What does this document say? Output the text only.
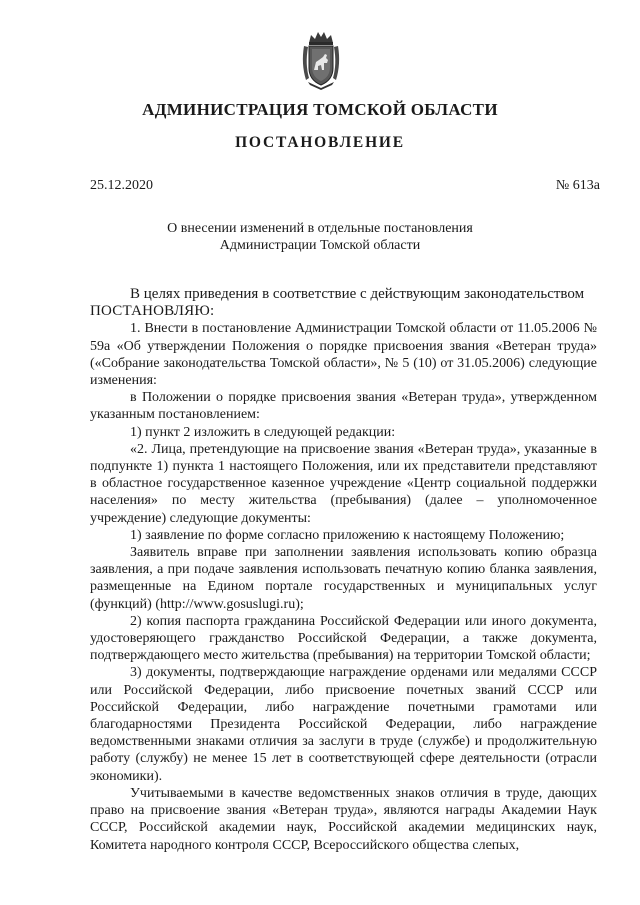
АДМИНИСТРАЦИЯ ТОМСКОЙ ОБЛАСТИ
ПОСТАНОВЛЕНИЕ
25.12.2020	№ 613а
О внесении изменений в отдельные постановления
Администрации Томской области

В целях приведения в соответствие с действующим законодательством

ПОСТАНОВЛЯЮ:

1. Внести в постановление Администрации Томской области от 11.05.2006 № 59а «Об утверждении Положения о порядке присвоения звания «Ветеран труда» («Собрание законодательства Томской области», № 5 (10) от 31.05.2006) следующие изменения:

в Положении о порядке присвоения звания «Ветеран труда», утвержденном указанным постановлением:

1) пункт 2 изложить в следующей редакции:

«2. Лица, претендующие на присвоение звания «Ветеран труда», указанные в подпункте 1) пункта 1 настоящего Положения, или их представители представляют в областное государственное казенное учреждение «Центр социальной поддержки населения» по месту жительства (пребывания) (далее – уполномоченное учреждение) следующие документы:

1) заявление по форме согласно приложению к настоящему Положению;

Заявитель вправе при заполнении заявления использовать копию образца заявления, а при подаче заявления использовать печатную копию бланка заявления, размещенные на Едином портале государственных и муниципальных услуг (функций) (http://www.gosuslugi.ru);

2) копия паспорта гражданина Российской Федерации или иного документа, удостоверяющего гражданство Российской Федерации, а также документа, подтверждающего место жительства (пребывания) на территории Томской области;

3) документы, подтверждающие награждение орденами или медалями СССР или Российской Федерации, либо присвоение почетных званий СССР или Российской Федерации, либо награждение почетными грамотами или благодарностями Президента Российской Федерации, либо награждение ведомственными знаками отличия за заслуги в труде (службе) и продолжительную работу (службу) не менее 15 лет в соответствующей сфере деятельности (отрасли экономики).

Учитываемыми в качестве ведомственных знаков отличия в труде, дающих право на присвоение звания «Ветеран труда», являются награды Академии Наук СССР, Российской академии наук, Российской академии медицинских наук, Комитета народного контроля СССР, Всероссийского общества слепых,
